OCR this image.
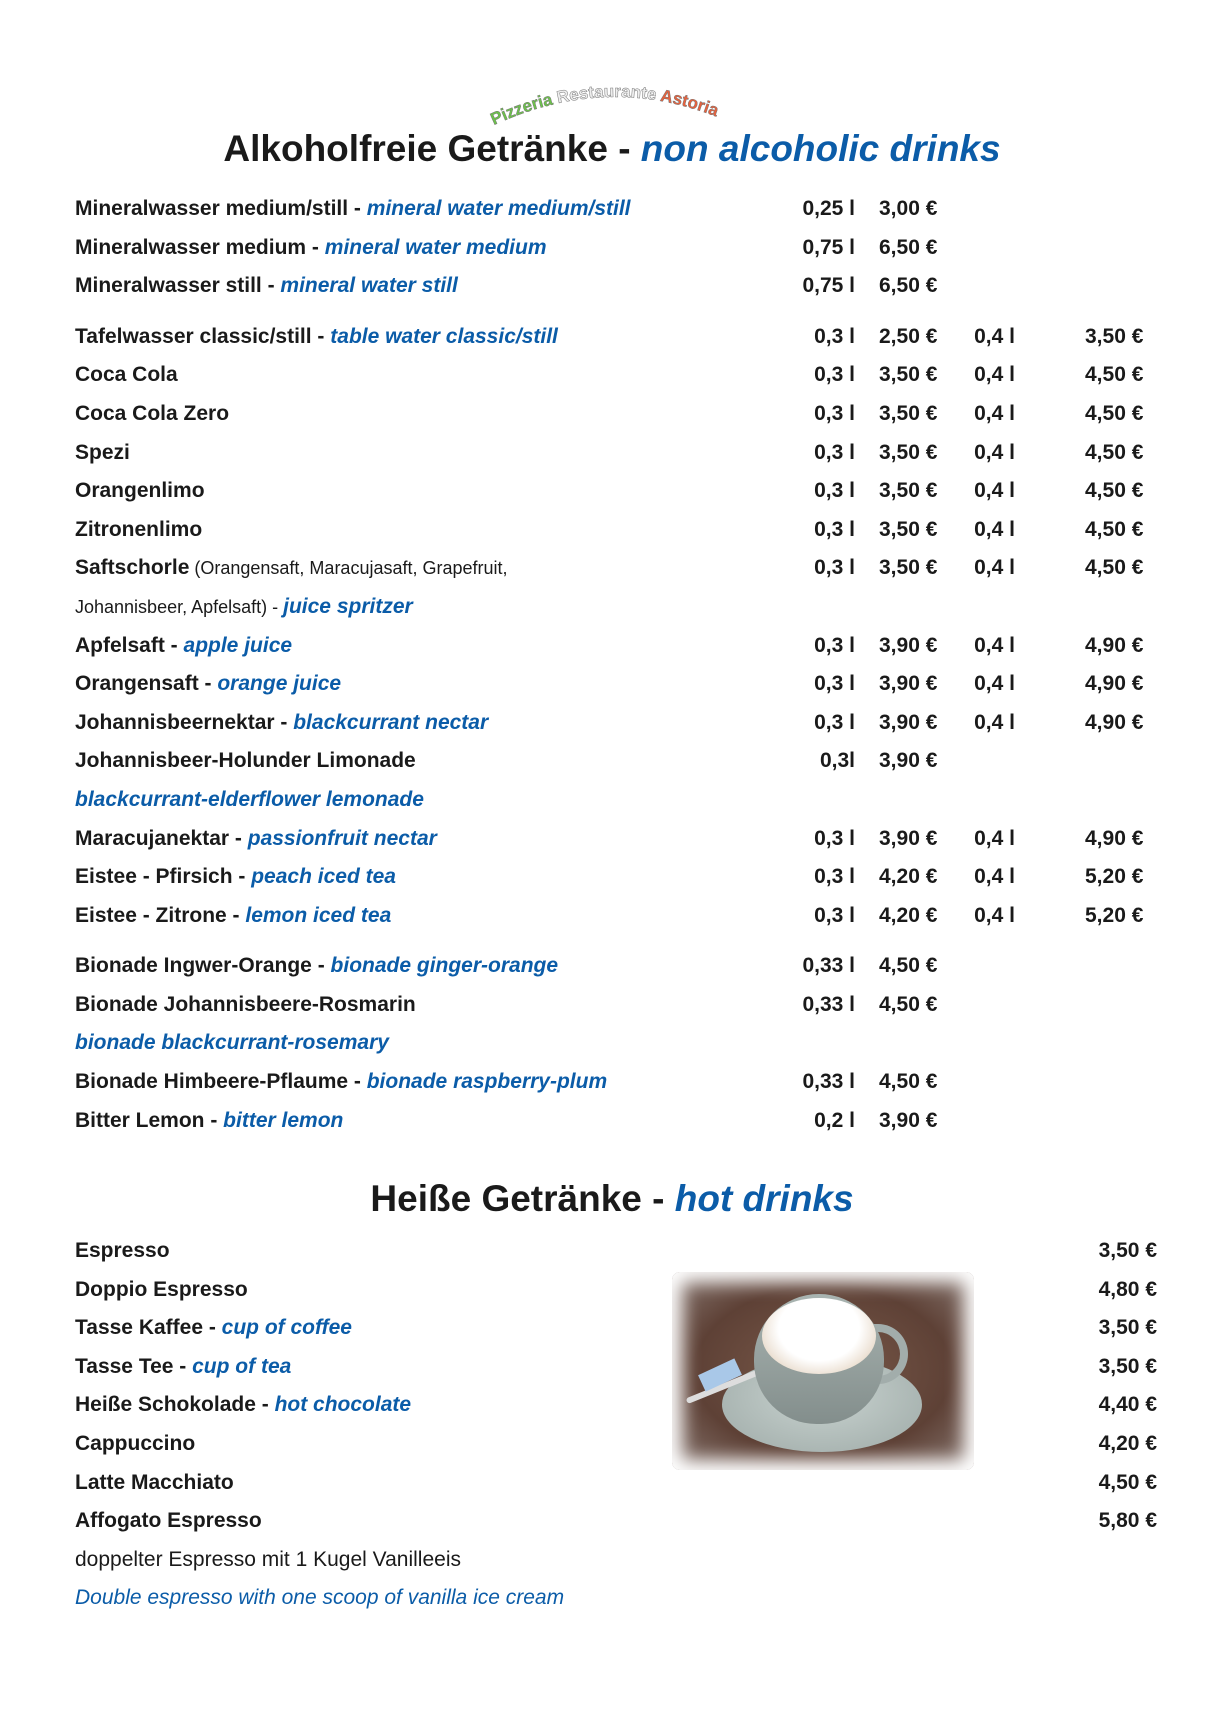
Pizzeria Restaurante Astoria
Alkoholfreie Getränke - non alcoholic drinks
Mineralwasser medium/still - mineral water medium/still	0,25 l 3,00 €
Mineralwasser medium - mineral water medium	0,75 l 6,50 €
Mineralwasser still - mineral water still	0,75 l 6,50 €
Tafelwasser classic/still - table water classic/still	0,3 l 2,50 € 0,4 l	3,50 €
Coca Cola	0,3 l 3,50 € 0,4 l	4,50 €
Coca Cola Zero	0,3 l 3,50 € 0,4 l	4,50 €
Spezi	0,3 l 3,50 € 0,4 l	4,50 €
Orangenlimo	0,3 l 3,50 € 0,4 l	4,50 €
Zitronenlimo	0,3 l 3,50 € 0,4 l	4,50 €
Saftschorle (Orangensaft, Maracujasaft, Grapefruit,
Johannisbeer, Apfelsaft) - juice spritzer
0,3 l 3,50 € 0,4 l	4,50 €
Apfelsaft - apple juice	0,3 l 3,90 € 0,4 l	4,90 €
Orangensaft - orange juice	0,3 l 3,90 € 0,4 l	4,90 €
Johannisbeernektar - blackcurrant nectar	0,3 l 3,90 € 0,4 l	4,90 €
Johannisbeer-Holunder Limonade
blackcurrant-elderflower lemonade
0,3l 3,90 €
Maracujanektar - passionfruit nectar	0,3 l 3,90 € 0,4 l	4,90 €
Eistee - Pfirsich - peach iced tea	0,3 l 4,20 € 0,4 l	5,20 €
Eistee - Zitrone - lemon iced tea	0,3 l 4,20 € 0,4 l	5,20 €
Bionade Ingwer-Orange - bionade ginger-orange	0,33 l 4,50 €
Bionade Johannisbeere-Rosmarin
bionade blackcurrant-rosemary
0,33 l 4,50 €
Bionade Himbeere-Pflaume - bionade raspberry-plum	0,33 l 4,50 €
Bitter Lemon - bitter lemon	0,2 l 3,90 €
Heiße Getränke - hot drinks
Espresso	3,50 €
Doppio Espresso	4,80 €
Tasse Kaffee - cup of coffee	3,50 €
Tasse Tee - cup of tea	3,50 €
Heiße Schokolade - hot chocolate	4,40 €
Cappuccino	4,20 €
Latte Macchiato	4,50 €
Affogato Espresso	5,80 €
doppelter Espresso mit 1 Kugel Vanilleeis
Double espresso with one scoop of vanilla ice cream
